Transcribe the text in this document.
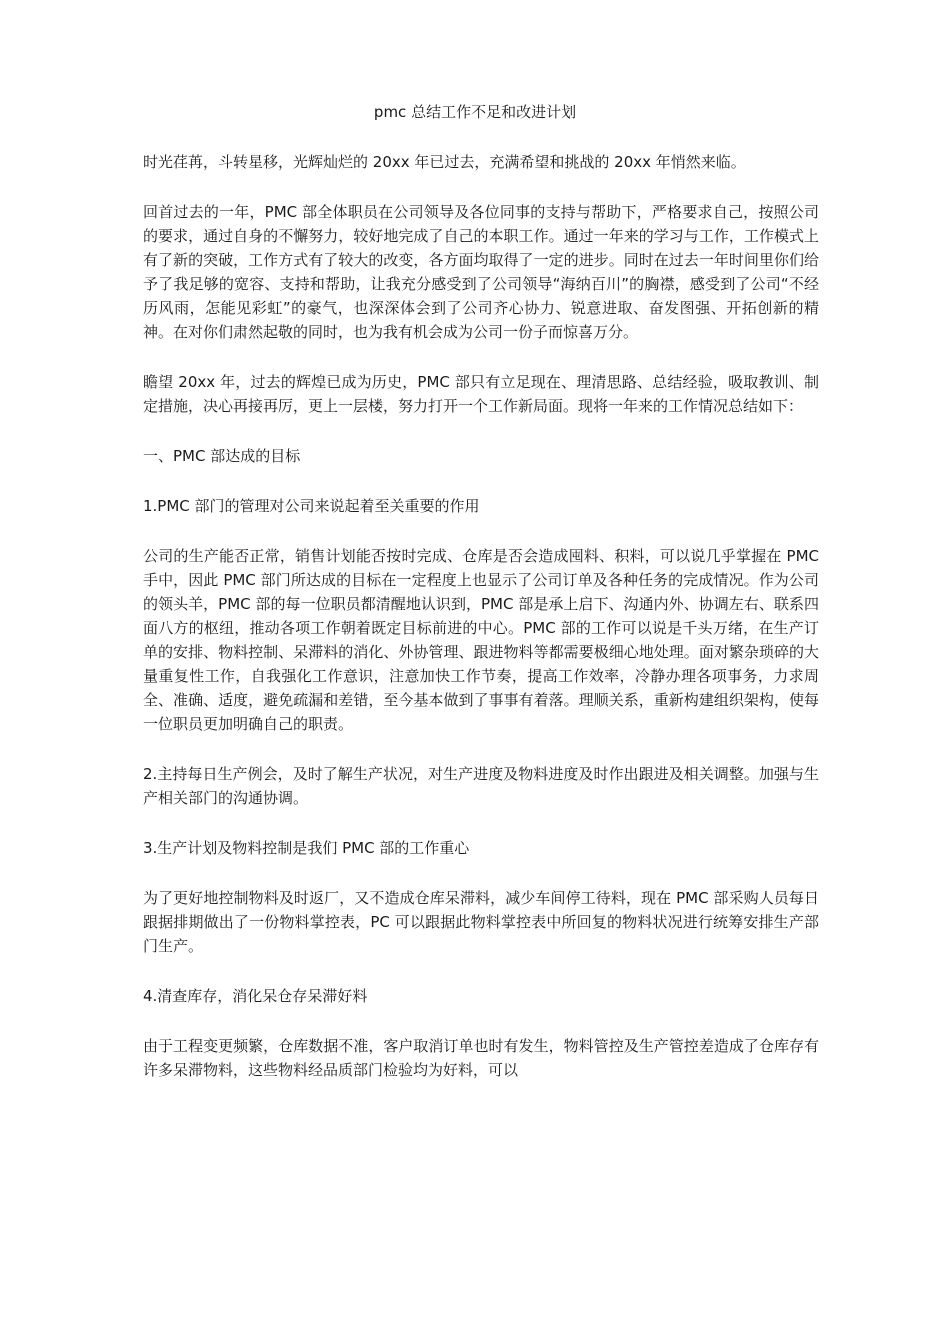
pmc 总结工作不足和改进计划

时光荏苒，斗转星移，光辉灿烂的 20xx 年已过去，充满希望和挑战的 20xx 年悄然来临。

回首过去的一年，PMC 部全体职员在公司领导及各位同事的支持与帮助下，严格要求自己，按照公司的要求，通过自身的不懈努力，较好地完成了自己的本职工作。通过一年来的学习与工作，工作模式上有了新的突破，工作方式有了较大的改变，各方面均取得了一定的进步。同时在过去一年时间里你们给予了我足够的宽容、支持和帮助，让我充分感受到了公司领导“海纳百川”的胸襟，感受到了公司“不经历风雨，怎能见彩虹”的豪气，也深深体会到了公司齐心协力、锐意进取、奋发图强、开拓创新的精神。在对你们肃然起敬的同时，也为我有机会成为公司一份子而惊喜万分。

瞻望 20xx 年，过去的辉煌已成为历史，PMC 部只有立足现在、理清思路、总结经验，吸取教训、制定措施，决心再接再厉，更上一层楼，努力打开一个工作新局面。现将一年来的工作情况总结如下：

一、PMC 部达成的目标

1.PMC 部门的管理对公司来说起着至关重要的作用

公司的生产能否正常，销售计划能否按时完成、仓库是否会造成囤料、积料，可以说几乎掌握在 PMC 手中，因此 PMC 部门所达成的目标在一定程度上也显示了公司订单及各种任务的完成情况。作为公司的领头羊，PMC 部的每一位职员都清醒地认识到，PMC 部是承上启下、沟通内外、协调左右、联系四面八方的枢纽，推动各项工作朝着既定目标前进的中心。PMC 部的工作可以说是千头万绪，在生产订单的安排、物料控制、呆滞料的消化、外协管理、跟进物料等都需要极细心地处理。面对繁杂琐碎的大量重复性工作，自我强化工作意识，注意加快工作节奏，提高工作效率，冷静办理各项事务，力求周全、准确、适度，避免疏漏和差错，至今基本做到了事事有着落。理顺关系，重新构建组织架构，使每一位职员更加明确自己的职责。

2.主持每日生产例会，及时了解生产状况，对生产进度及物料进度及时作出跟进及相关调整。加强与生产相关部门的沟通协调。

3.生产计划及物料控制是我们 PMC 部的工作重心

为了更好地控制物料及时返厂，又不造成仓库呆滞料，减少车间停工待料，现在 PMC 部采购人员每日跟据排期做出了一份物料掌控表，PC 可以跟据此物料掌控表中所回复的物料状况进行统筹安排生产部门生产。

4.清查库存，消化呆仓存呆滞好料

由于工程变更频繁，仓库数据不准，客户取消订单也时有发生，物料管控及生产管控差造成了仓库存有许多呆滞物料，这些物料经品质部门检验均为好料，可以
